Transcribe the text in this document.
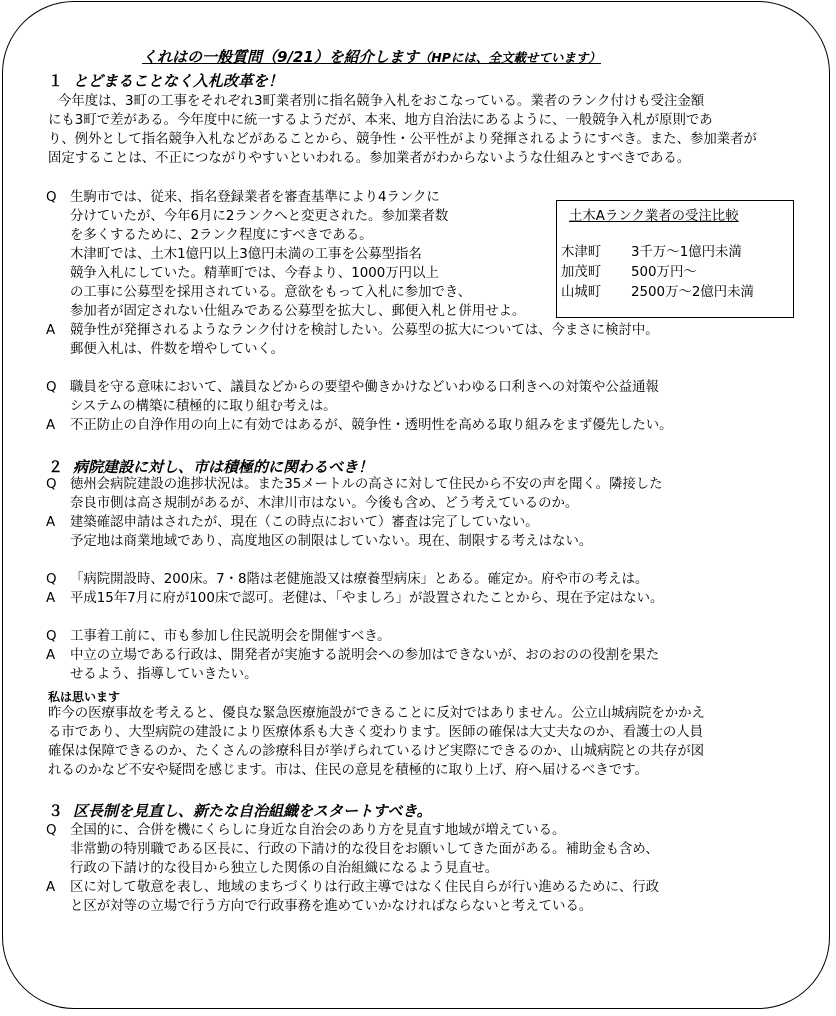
くれはの一般質問（9/21）を紹介します（HPには、全文載せています）
１ とどまることなく入札改革を！
今年度は、3町の工事をそれぞれ3町業者別に指名競争入札をおこなっている。業者のランク付けも受注金額
にも3町で差がある。今年度中に統一するようだが、本来、地方自治法にあるように、一般競争入札が原則であ
り、例外として指名競争入札などがあることから、競争性・公平性がより発揮されるようにすべき。また、参加業者が
固定することは、不正につながりやすいといわれる。参加業者がわからないような仕組みとすべきである。
Q 生駒市では、従来、指名登録業者を審査基準により4ランクに
分けていたが、今年6月に2ランクへと変更された。参加業者数
を多くするために、2ランク程度にすべきである。
木津町では、土木1億円以上3億円未満の工事を公募型指名
競争入札にしていた。精華町では、今春より、1000万円以上
の工事に公募型を採用されている。意欲をもって入札に参加でき、
参加者が固定されない仕組みである公募型を拡大し、郵便入札と併用せよ。
土木Aランク業者の受注比較
木津町 3千万～1億円未満
加茂町 500万円～
山城町 2500万～2億円未満
A 競争性が発揮されるようなランク付けを検討したい。公募型の拡大については、今まさに検討中。
郵便入札は、件数を増やしていく。
Q 職員を守る意味において、議員などからの要望や働きかけなどいわゆる口利きへの対策や公益通報
システムの構築に積極的に取り組む考えは。
A 不正防止の自浄作用の向上に有効ではあるが、競争性・透明性を高める取り組みをまず優先したい。
２ 病院建設に対し、市は積極的に関わるべき！
Q 徳州会病院建設の進捗状況は。また35メートルの高さに対して住民から不安の声を聞く。隣接した
奈良市側は高さ規制があるが、木津川市はない。今後も含め、どう考えているのか。
A 建築確認申請はされたが、現在（この時点において）審査は完了していない。
予定地は商業地域であり、高度地区の制限はしていない。現在、制限する考えはない。
Q 「病院開設時、200床。7・8階は老健施設又は療養型病床」とある。確定か。府や市の考えは。
A 平成15年7月に府が100床で認可。老健は、「やましろ」が設置されたことから、現在予定はない。
Q 工事着工前に、市も参加し住民説明会を開催すべき。
A 中立の立場である行政は、開発者が実施する説明会への参加はできないが、おのおのの役割を果た
せるよう、指導していきたい。
私は思います
昨今の医療事故を考えると、優良な緊急医療施設ができることに反対ではありません。公立山城病院をかかえ
る市であり、大型病院の建設により医療体系も大きく変わります。医師の確保は大丈夫なのか、看護士の人員
確保は保障できるのか、たくさんの診療科目が挙げられているけど実際にできるのか、山城病院との共存が図
れるのかなど不安や疑問を感じます。市は、住民の意見を積極的に取り上げ、府へ届けるべきです。
３ 区長制を見直し、新たな自治組織をスタートすべき。
Q 全国的に、合併を機にくらしに身近な自治会のあり方を見直す地域が増えている。
非常勤の特別職である区長に、行政の下請け的な役目をお願いしてきた面がある。補助金も含め、
行政の下請け的な役目から独立した関係の自治組織になるよう見直せ。
A 区に対して敬意を表し、地域のまちづくりは行政主導ではなく住民自らが行い進めるために、行政
と区が対等の立場で行う方向で行政事務を進めていかなければならないと考えている。
